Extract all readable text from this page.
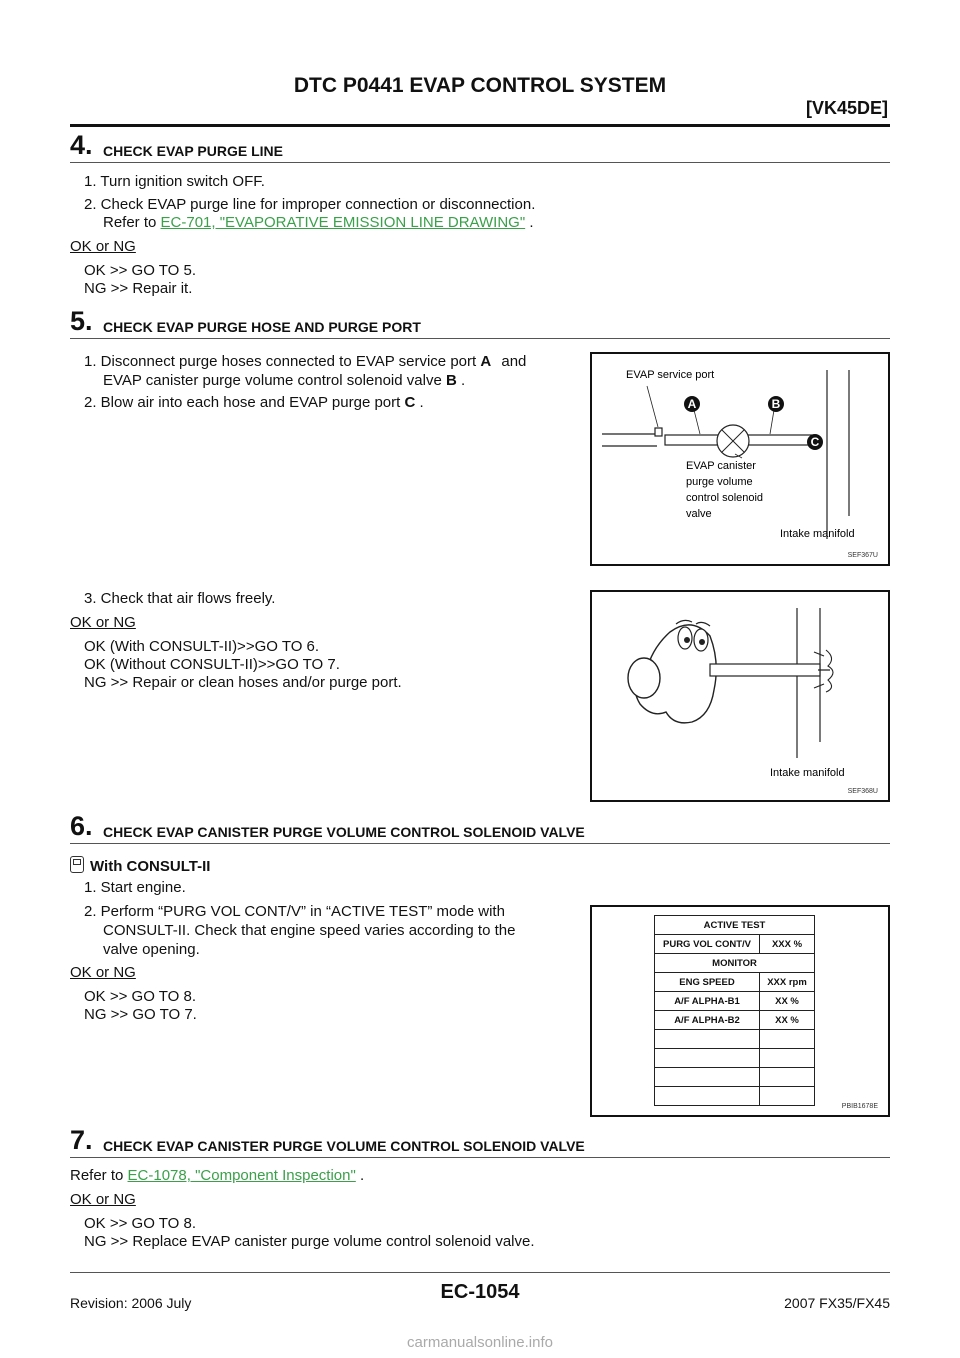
DTC P0441 EVAP CONTROL SYSTEM
[VK45DE]
4. CHECK EVAP PURGE LINE
1. Turn ignition switch OFF.
2. Check EVAP purge line for improper connection or disconnection.
Refer to EC-701, "EVAPORATIVE EMISSION LINE DRAWING" .
OK or NG
OK >> GO TO 5.
NG >> Repair it.
5. CHECK EVAP PURGE HOSE AND PURGE PORT
1. Disconnect purge hoses connected to EVAP service port A and
EVAP canister purge volume control solenoid valve B .
2. Blow air into each hose and EVAP purge port C .	A	B
C
EVAP service port
EVAP canister
purge volume
control solenoid
valve
Intake manifold
SEF367U
3. Check that air flows freely.
OK or NG
OK (With CONSULT-II)>>GO TO 6.
OK (Without CONSULT-II)>>GO TO 7.
NG >> Repair or clean hoses and/or purge port.
Intake manifold
SEF368U
6. CHECK EVAP CANISTER PURGE VOLUME CONTROL SOLENOID VALVE
With CONSULT-II
1. Start engine.
2. Perform “PURG VOL CONT/V” in “ACTIVE TEST” mode with
CONSULT-II. Check that engine speed varies according to the
valve opening.
OK or NG
OK >> GO TO 8.
NG >> GO TO 7.
ACTIVE TEST	
PURG VOL CONT/V	XXX %
MONITOR	
ENG SPEED	XXX rpm
A/F ALPHA-B1	XX %
A/F ALPHA-B2	XX %

PBIB1678E
7. CHECK EVAP CANISTER PURGE VOLUME CONTROL SOLENOID VALVE
Refer to EC-1078, "Component Inspection" .
OK or NG
OK >> GO TO 8.
NG >> Replace EVAP canister purge volume control solenoid valve.
EC-1054
Revision: 2006 July	2007 FX35/FX45
carmanualsonline.info
